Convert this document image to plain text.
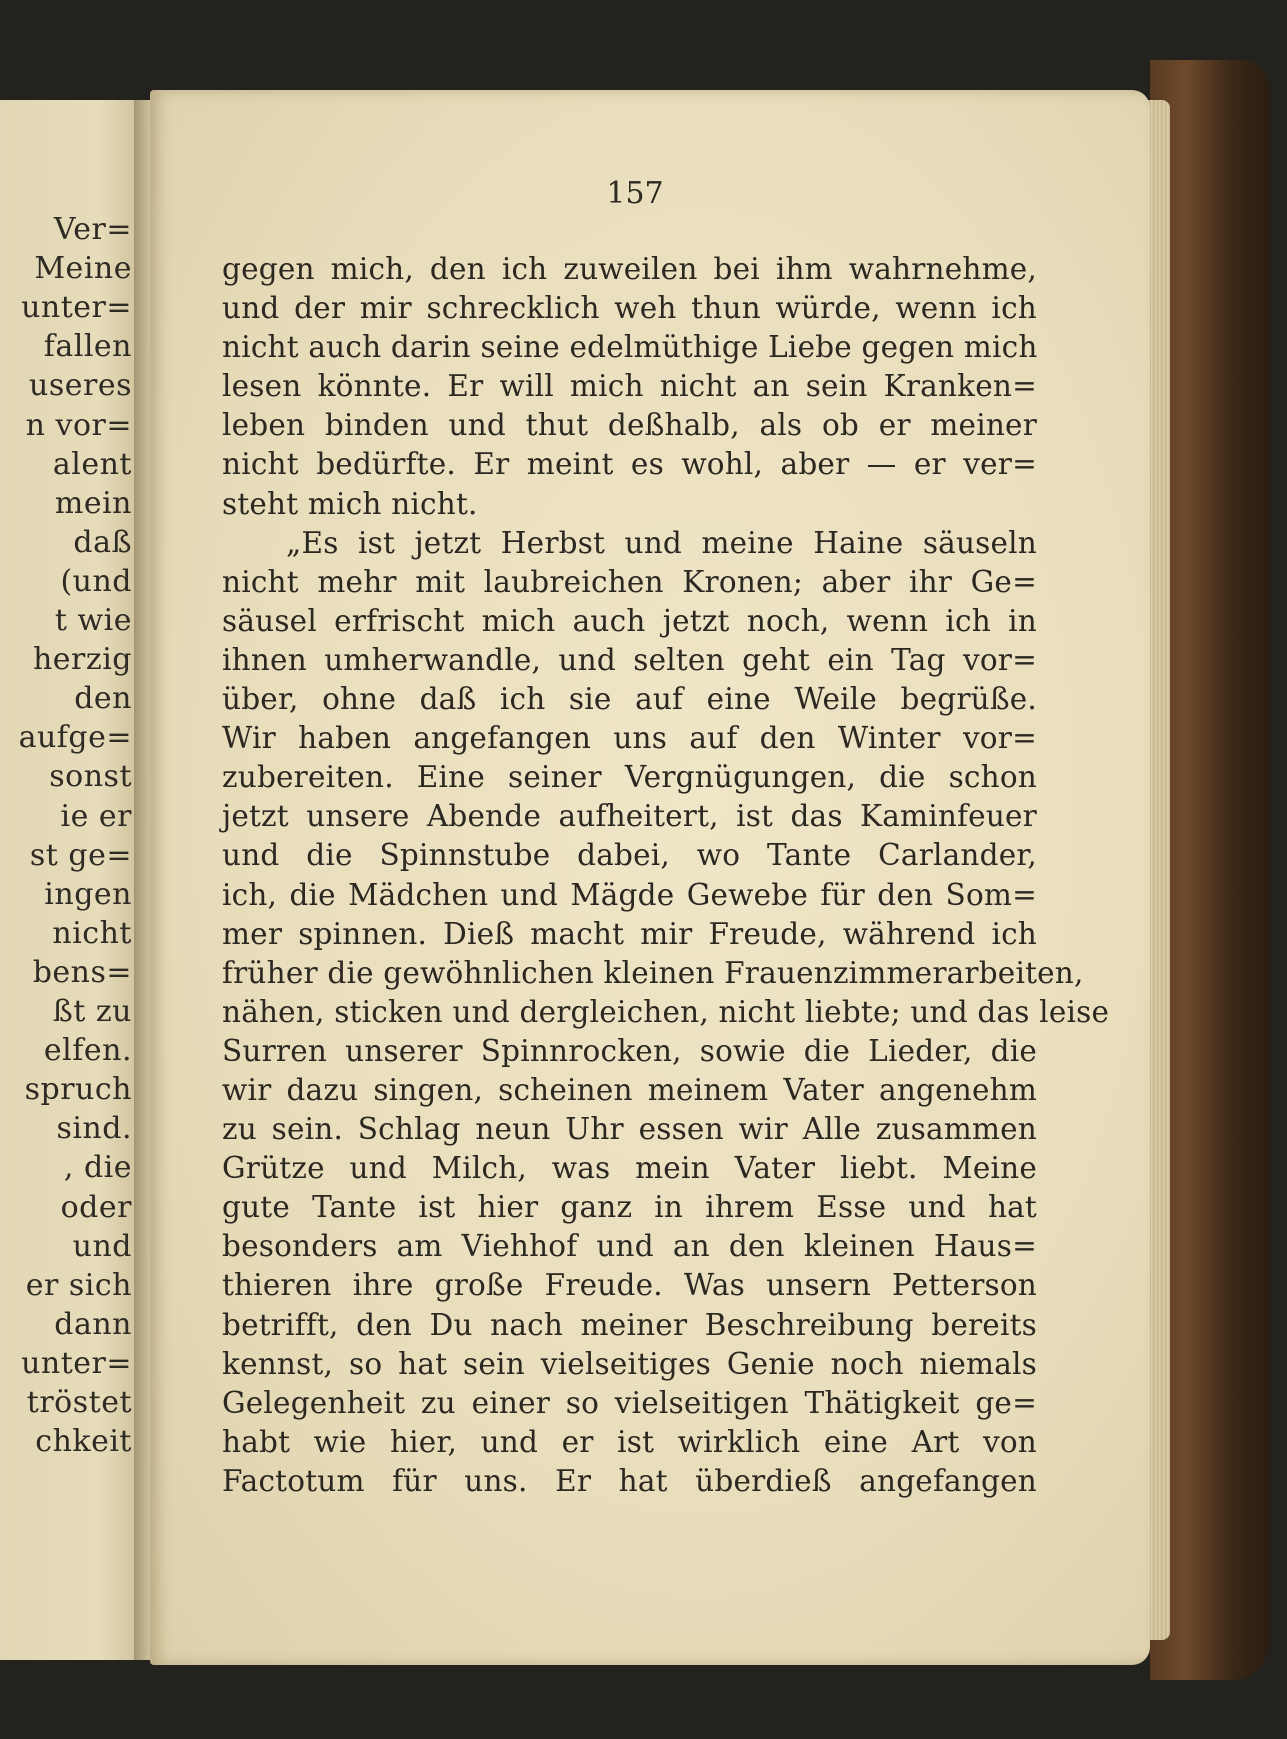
Ver=
Meine
unter=
fallen
useres
n vor=
alent
mein
daß
(und
t wie
herzig
den
aufge=
sonst
ie er
st ge=
ingen
nicht
bens=
ßt zu
elfen.
spruch
sind.
, die
oder
und
er sich
dann
unter=
tröstet
chkeit
157
gegen mich, den ich zuweilen bei ihm wahrnehme,
und der mir schrecklich weh thun würde, wenn ich
nicht auch darin seine edelmüthige Liebe gegen mich
lesen könnte. Er will mich nicht an sein Kranken=
leben binden und thut deßhalb, als ob er meiner
nicht bedürfte. Er meint es wohl, aber — er ver=
steht mich nicht.
„Es ist jetzt Herbst und meine Haine säuseln
nicht mehr mit laubreichen Kronen; aber ihr Ge=
säusel erfrischt mich auch jetzt noch, wenn ich in
ihnen umherwandle, und selten geht ein Tag vor=
über, ohne daß ich sie auf eine Weile begrüße.
Wir haben angefangen uns auf den Winter vor=
zubereiten. Eine seiner Vergnügungen, die schon
jetzt unsere Abende aufheitert, ist das Kaminfeuer
und die Spinnstube dabei, wo Tante Carlander,
ich, die Mädchen und Mägde Gewebe für den Som=
mer spinnen. Dieß macht mir Freude, während ich
früher die gewöhnlichen kleinen Frauenzimmerarbeiten,
nähen, sticken und dergleichen, nicht liebte; und das leise
Surren unserer Spinnrocken, sowie die Lieder, die
wir dazu singen, scheinen meinem Vater angenehm
zu sein. Schlag neun Uhr essen wir Alle zusammen
Grütze und Milch, was mein Vater liebt. Meine
gute Tante ist hier ganz in ihrem Esse und hat
besonders am Viehhof und an den kleinen Haus=
thieren ihre große Freude. Was unsern Petterson
betrifft, den Du nach meiner Beschreibung bereits
kennst, so hat sein vielseitiges Genie noch niemals
Gelegenheit zu einer so vielseitigen Thätigkeit ge=
habt wie hier, und er ist wirklich eine Art von
Factotum für uns. Er hat überdieß angefangen
